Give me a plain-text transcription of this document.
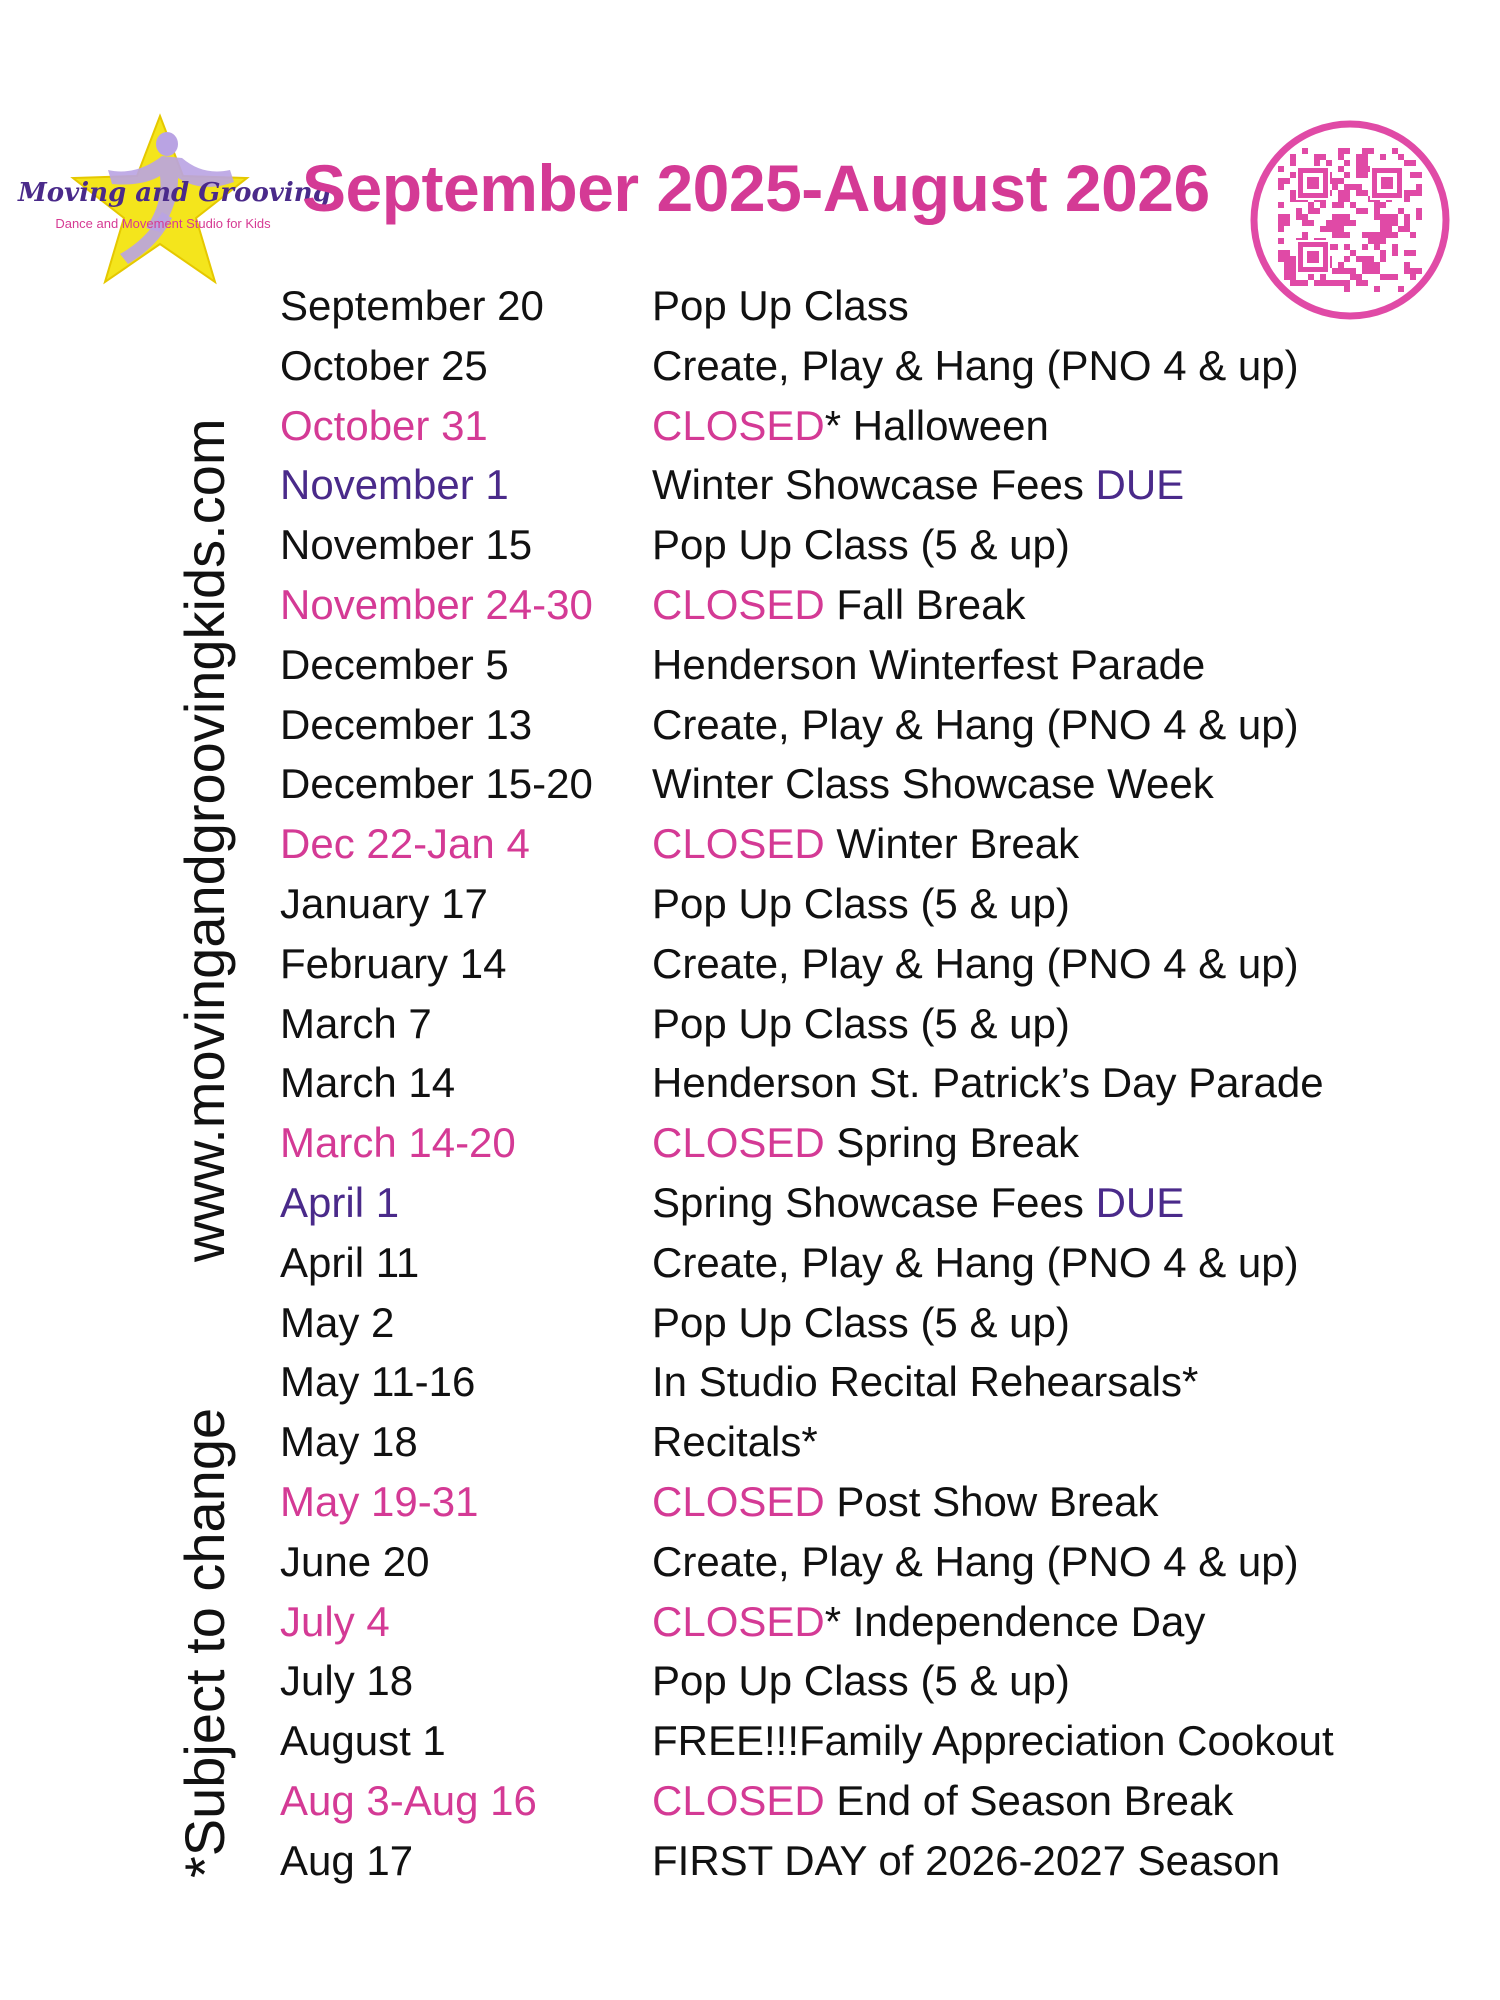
Moving and Grooving
Dance and Movement Studio for Kids September 2025-August 2026
www.movingandgroovingkids.com
*Subject to change
September 20	Pop Up Class
October 25	Create, Play & Hang (PNO 4 & up)
October 31	CLOSED* Halloween
November 1	Winter Showcase Fees DUE
November 15	Pop Up Class (5 & up)
November 24-30 CLOSED Fall Break
December 5	Henderson Winterfest Parade
December 13	Create, Play & Hang (PNO 4 & up)
December 15-20 Winter Class Showcase Week
Dec 22-Jan 4	CLOSED Winter Break
January 17	Pop Up Class (5 & up)
February 14	Create, Play & Hang (PNO 4 & up)
March 7	Pop Up Class (5 & up)
March 14	Henderson St. Patrick’s Day Parade
March 14-20	CLOSED Spring Break
April 1	Spring Showcase Fees DUE
April 11	Create, Play & Hang (PNO 4 & up)
May 2	Pop Up Class (5 & up)
May 11-16	In Studio Recital Rehearsals*
May 18	Recitals*
May 19-31	CLOSED Post Show Break
June 20	Create, Play & Hang (PNO 4 & up)
July 4	CLOSED* Independence Day
July 18	Pop Up Class (5 & up)
August 1	FREE!!!Family Appreciation Cookout
Aug 3-Aug 16	CLOSED End of Season Break
Aug 17	FIRST DAY of 2026-2027 Season
